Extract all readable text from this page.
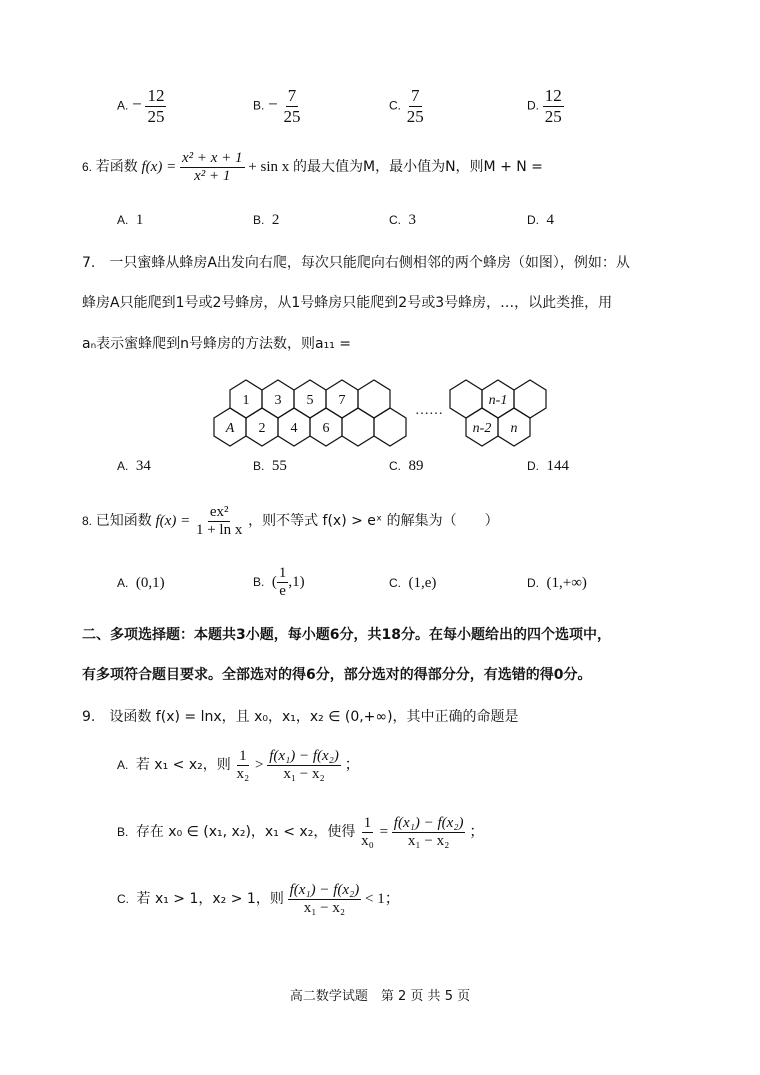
A. − $\frac{12}{25}$	B. − $\frac{7}{25}$	C. $\frac{7}{25}$	D. $\frac{12}{25}$
6. 若函数 $f(x) = \frac{\text{x² + x + 1}}{\text{x² + 1}} + \sin x$ 的最大值为M，最小值为N，则M + N =
A. 1	B. 2	C. 3	D. 4
7.　一只蜜蜂从蜂房A出发向右爬，每次只能爬向右侧相邻的两个蜂房（如图），例如：从
蜂房A只能爬到1号或2号蜂房，从1号蜂房只能爬到2号或3号蜂房，…，以此类推，用
aₙ表示蜜蜂爬到n号蜂房的方法数，则a₁₁ =
1 3 5 7
A 2 4 6
……
n-1
n-2 n
A. 34	B. 55	C. 89	D. 144
8. 已知函数 $f(x) = \frac{\text{ex²}}{\text{1 + ln x}}$ ，则不等式 f(x) > eˣ 的解集为（　　）
A. (0,1)	B. ( $\frac{1}{e} ,1$)	C. (1,e)	D. (1,+∞)
二、多项选择题：本题共3小题，每小题6分，共18分。在每小题给出的四个选项中，
有多项符合题目要求。全部选对的得6分，部分选对的得部分分，有选错的得0分。
9.　设函数 f(x) = lnx，且 x₀，x₁，x₂ ∈ (0,+∞)，其中正确的命题是
A. 若 x₁ < x₂，则 $\frac{1}{\text{x₂}} > \frac{\text{f(x₁) − f(x₂)}}{\text{x₁ − x₂}}$ ；
B. 存在 x₀ ∈ (x₁, x₂)，x₁ < x₂，使得 $\frac{1}{\text{x₀}} = \frac{\text{f(x₁) − f(x₂)}}{\text{x₁ − x₂}}$ ；
C. 若 x₁ > 1，x₂ > 1，则 $\frac{\text{f(x₁) − f(x₂)}}{\text{x₁ − x₂}} < 1$；
高二数学试题　第 2 页 共 5 页
